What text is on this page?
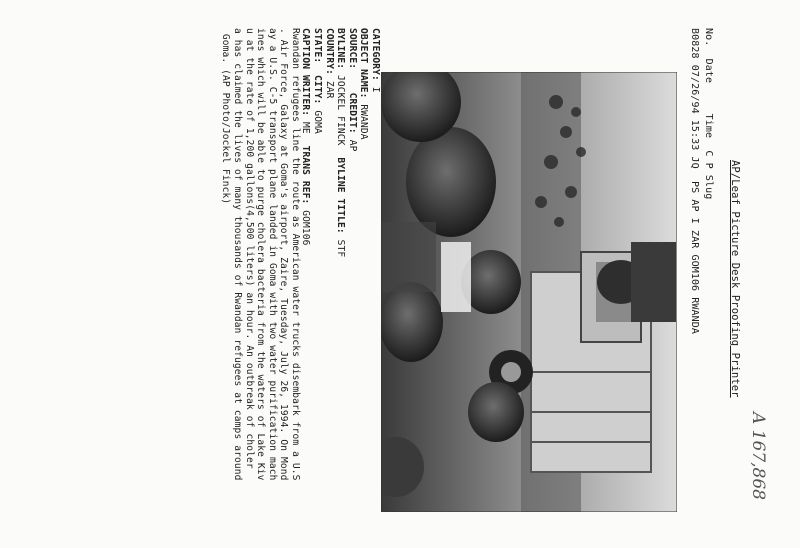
AP/Leaf Picture Desk Proofing Printer
No.  Date     Time  C P Slug
B0828 07/26/94 15:33 JQ  PS AP I ZAR GOM106 RWANDA
CATEGORY: I
OBJECT NAME: RWANDA
SOURCE:    CREDIT: AP
BYLINE: JOCKEL FINCK  BYLINE TITLE: STF
COUNTRY: ZAR
STATE:  CITY: GOMA
CAPTION WRITER: ME  TRANS REF: GOM106
Rwandan refugees line the route as American water trucks disembark from a U.S
. Air Force, Galaxy at Goma's airport, Zaire, Tuesday, July 26, 1994. On Mond
ay a U.S. C-5 transport plane landed in Goma with two water purification mach
ines which will be able to purge cholera bacteria from the waters of Lake Kiv
u at the rate of 1,200 gallons(4,500 liters) an hour. An outbreak of choler
a has claimed the lives of many thousands of Rwandan refugees at camps around
Goma. (AP Photo/Jockel Finck)
A 167,868
